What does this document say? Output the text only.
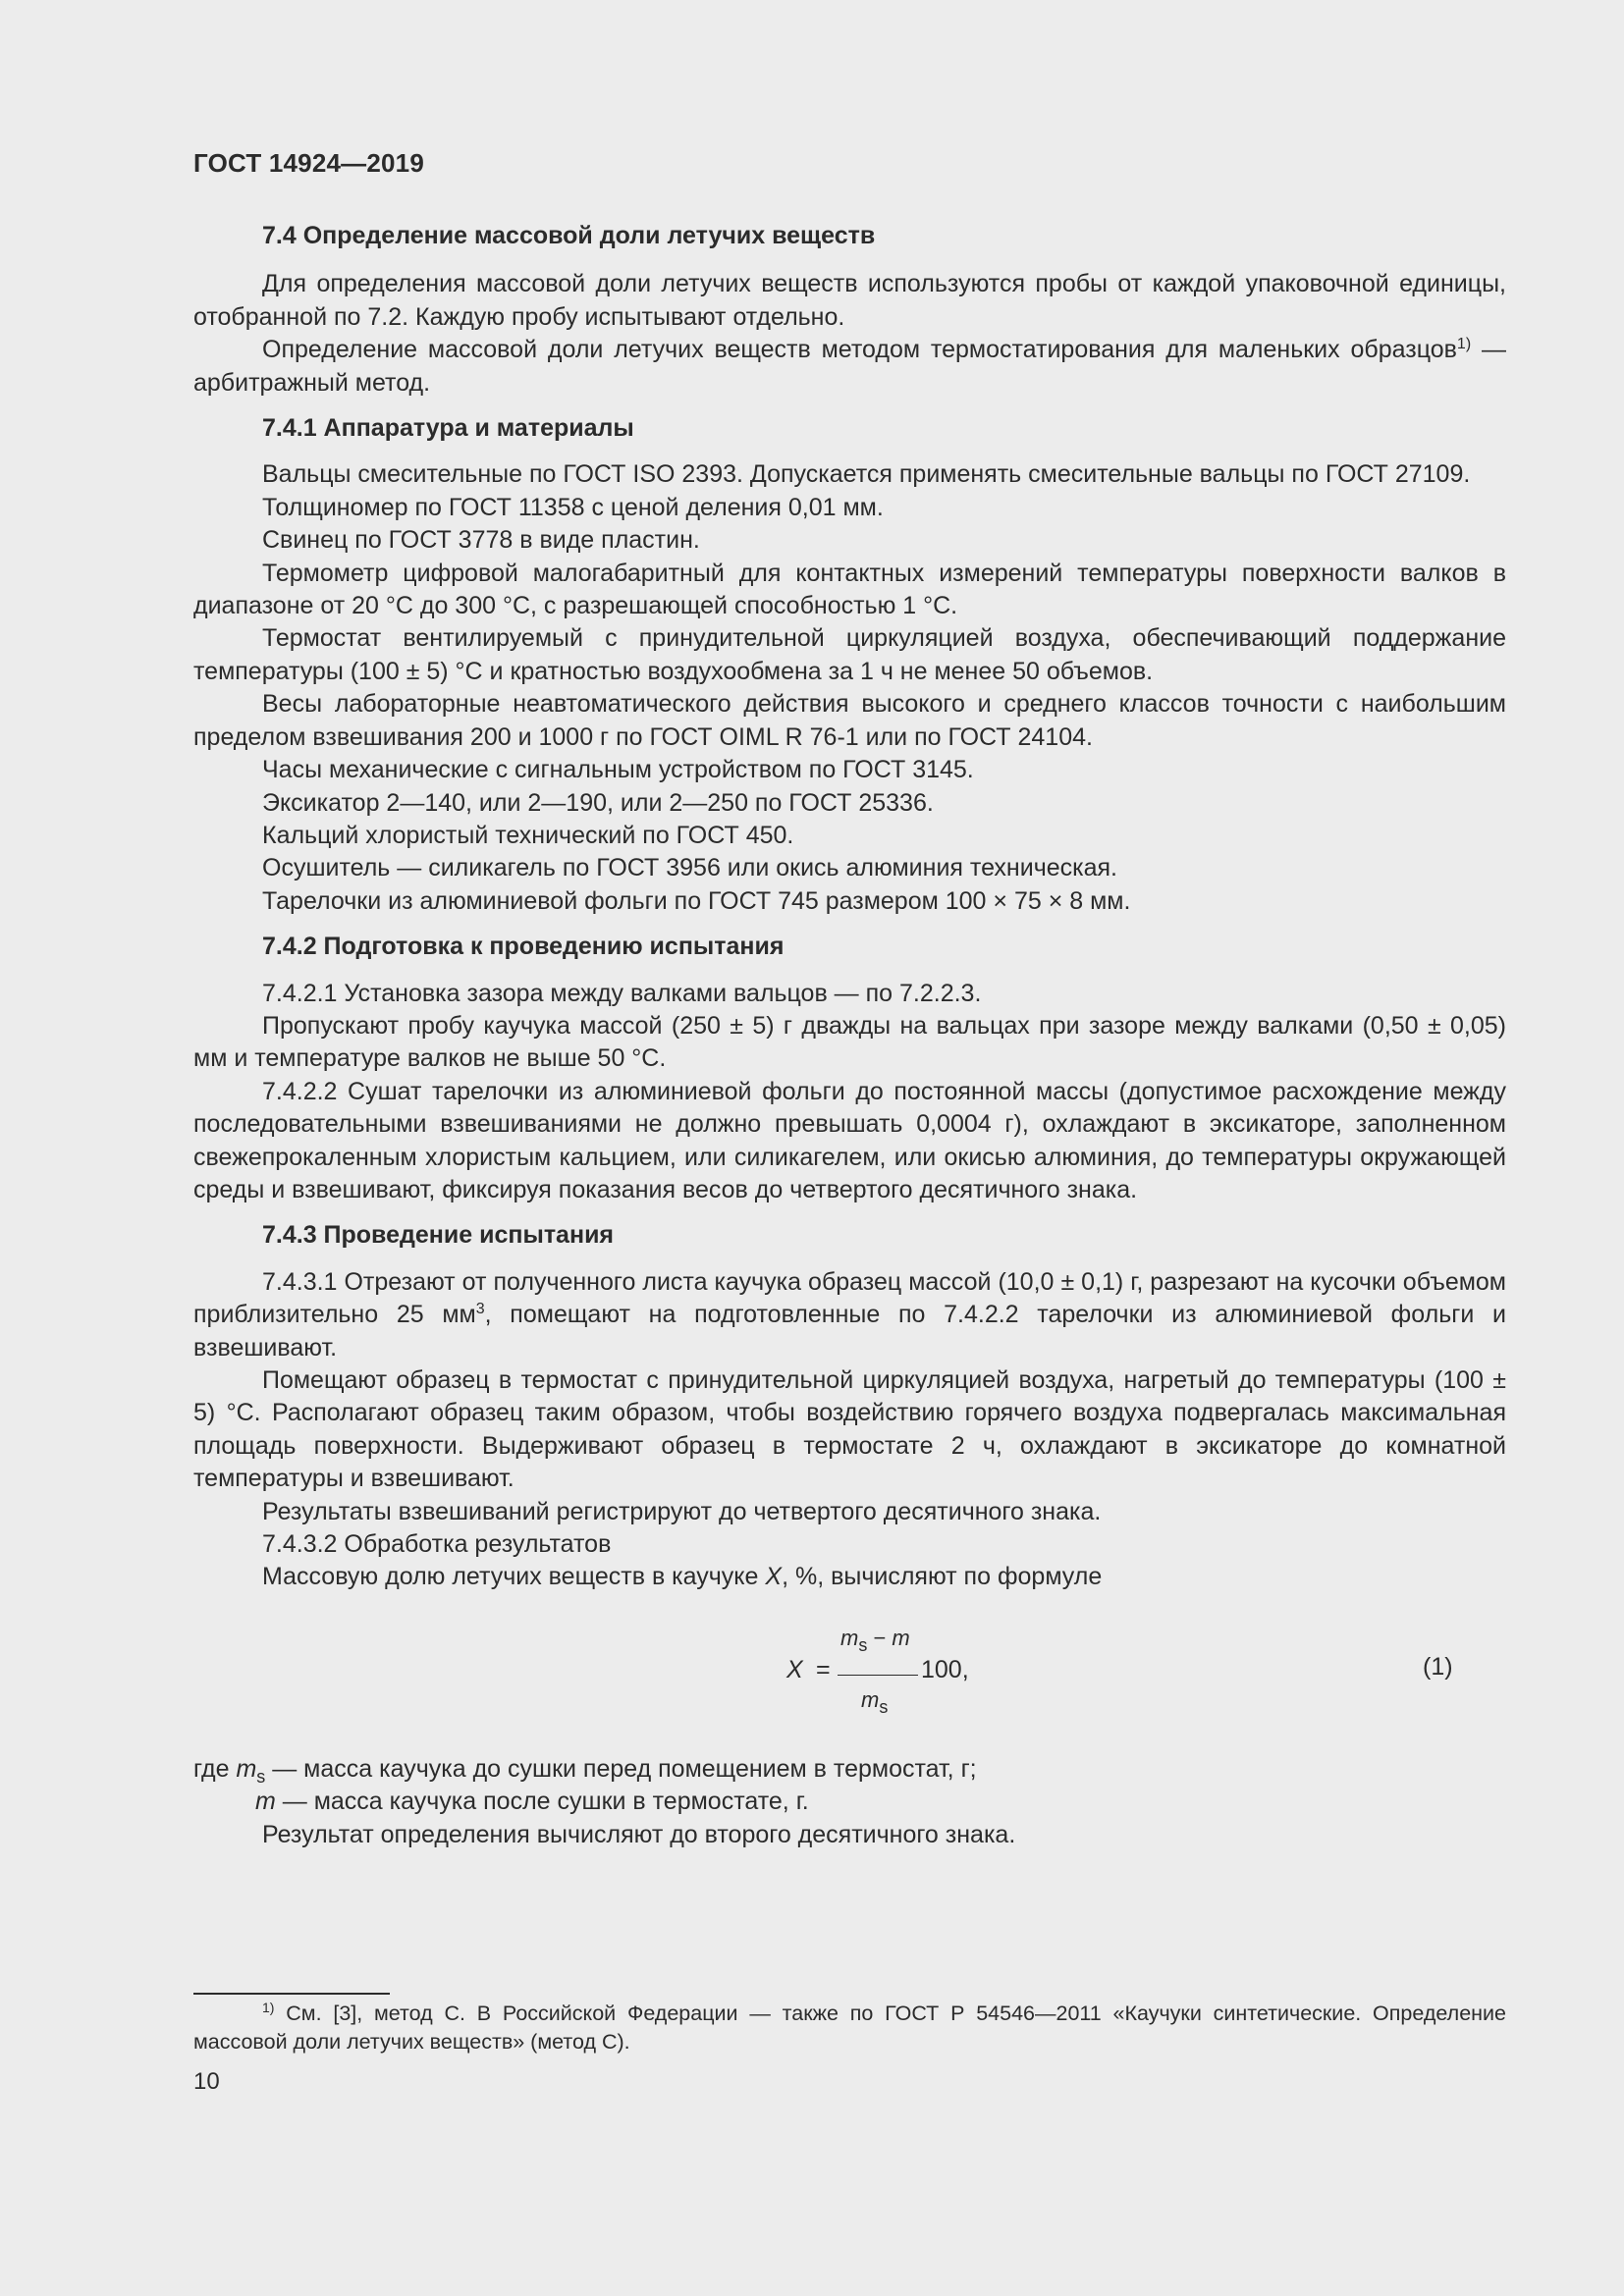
ГОСТ 14924—2019

7.4 Определение массовой доли летучих веществ

Для определения массовой доли летучих веществ используются пробы от каждой упаковочной единицы, отобранной по 7.2. Каждую пробу испытывают отдельно.

Определение массовой доли летучих веществ методом термостатирования для маленьких образцов$^{1)}$ — арбитражный метод.

7.4.1 Аппаратура и материалы

Вальцы смесительные по ГОСТ ISO 2393. Допускается применять смесительные вальцы по ГОСТ 27109.

Толщиномер по ГОСТ 11358 с ценой деления 0,01 мм.

Свинец по ГОСТ 3778 в виде пластин.

Термометр цифровой малогабаритный для контактных измерений температуры поверхности валков в диапазоне от 20 °С до 300 °С, с разрешающей способностью 1 °С.

Термостат вентилируемый с принудительной циркуляцией воздуха, обеспечивающий поддержание температуры (100 ± 5) °С и кратностью воздухообмена за 1 ч не менее 50 объемов.

Весы лабораторные неавтоматического действия высокого и среднего классов точности с наибольшим пределом взвешивания 200 и 1000 г по ГОСТ OIML R 76-1 или по ГОСТ 24104.

Часы механические с сигнальным устройством по ГОСТ 3145.

Эксикатор 2—140, или 2—190, или 2—250 по ГОСТ 25336.

Кальций хлористый технический по ГОСТ 450.

Осушитель — силикагель по ГОСТ 3956 или окись алюминия техническая.

Тарелочки из алюминиевой фольги по ГОСТ 745 размером 100 × 75 × 8 мм.

7.4.2 Подготовка к проведению испытания

7.4.2.1 Установка зазора между валками вальцов — по 7.2.2.3.

Пропускают пробу каучука массой (250 ± 5) г дважды на вальцах при зазоре между валками (0,50 ± 0,05) мм и температуре валков не выше 50 °С.

7.4.2.2 Сушат тарелочки из алюминиевой фольги до постоянной массы (допустимое расхождение между последовательными взвешиваниями не должно превышать 0,0004 г), охлаждают в эксикаторе, заполненном свежепрокаленным хлористым кальцием, или силикагелем, или окисью алюминия, до температуры окружающей среды и взвешивают, фиксируя показания весов до четвертого десятичного знака.

7.4.3 Проведение испытания

7.4.3.1 Отрезают от полученного листа каучука образец массой (10,0 ± 0,1) г, разрезают на кусочки объемом приблизительно 25 $мм^3$, помещают на подготовленные по 7.4.2.2 тарелочки из алюминиевой фольги и взвешивают.

Помещают образец в термостат с принудительной циркуляцией воздуха, нагретый до температуры (100 ± 5) °С. Располагают образец таким образом, чтобы воздействию горячего воздуха подвергалась максимальная площадь поверхности. Выдерживают образец в термостате 2 ч, охлаждают в эксикаторе до комнатной температуры и взвешивают.

Результаты взвешиваний регистрируют до четвертого десятичного знака.

7.4.3.2 Обработка результатов

Массовую долю летучих веществ в каучуке X, %, вычисляют по формуле

X =
$m_s - m$
$m_s$
100,	(1)

где $m_s$ — масса каучука до сушки перед помещением в термостат, г;

m — масса каучука после сушки в термостате, г.

Результат определения вычисляют до второго десятичного знака.

$^{1)}$ См. [3], метод С. В Российской Федерации — также по ГОСТ Р 54546—2011 «Каучуки синтетические. Определение массовой доли летучих веществ» (метод С).
10
